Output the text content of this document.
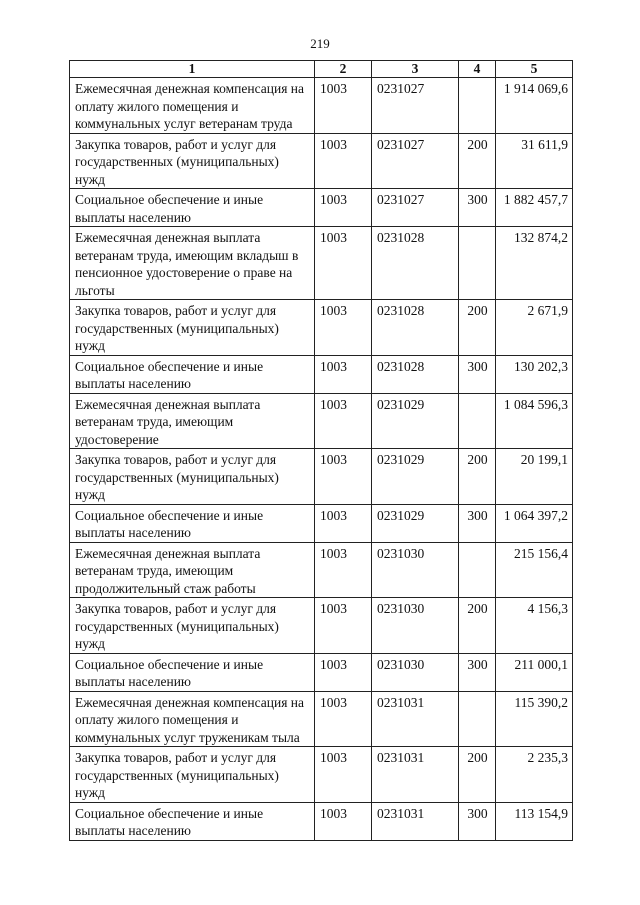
219
1	2	3	4	5
Ежемесячная денежная компенсация на оплату жилого помещения и коммунальных услуг ветеранам труда	1003	0231027		1 914 069,6
Закупка товаров, работ и услуг для государственных (муниципальных) нужд	1003	0231027	200	31 611,9
Социальное обеспечение и иные выплаты населению	1003	0231027	300	1 882 457,7
Ежемесячная денежная выплата ветеранам труда, имеющим вкладыш в пенсионное удостоверение о праве на льготы	1003	0231028		132 874,2
Закупка товаров, работ и услуг для государственных (муниципальных) нужд	1003	0231028	200	2 671,9
Социальное обеспечение и иные выплаты населению	1003	0231028	300	130 202,3
Ежемесячная денежная выплата ветеранам труда, имеющим удостоверение	1003	0231029		1 084 596,3
Закупка товаров, работ и услуг для государственных (муниципальных) нужд	1003	0231029	200	20 199,1
Социальное обеспечение и иные выплаты населению	1003	0231029	300	1 064 397,2
Ежемесячная денежная выплата ветеранам труда, имеющим продолжительный стаж работы	1003	0231030		215 156,4
Закупка товаров, работ и услуг для государственных (муниципальных) нужд	1003	0231030	200	4 156,3
Социальное обеспечение и иные выплаты населению	1003	0231030	300	211 000,1
Ежемесячная денежная компенсация на оплату жилого помещения и коммунальных услуг труженикам тыла	1003	0231031		115 390,2
Закупка товаров, работ и услуг для государственных (муниципальных) нужд	1003	0231031	200	2 235,3
Социальное обеспечение и иные выплаты населению	1003	0231031	300	113 154,9
